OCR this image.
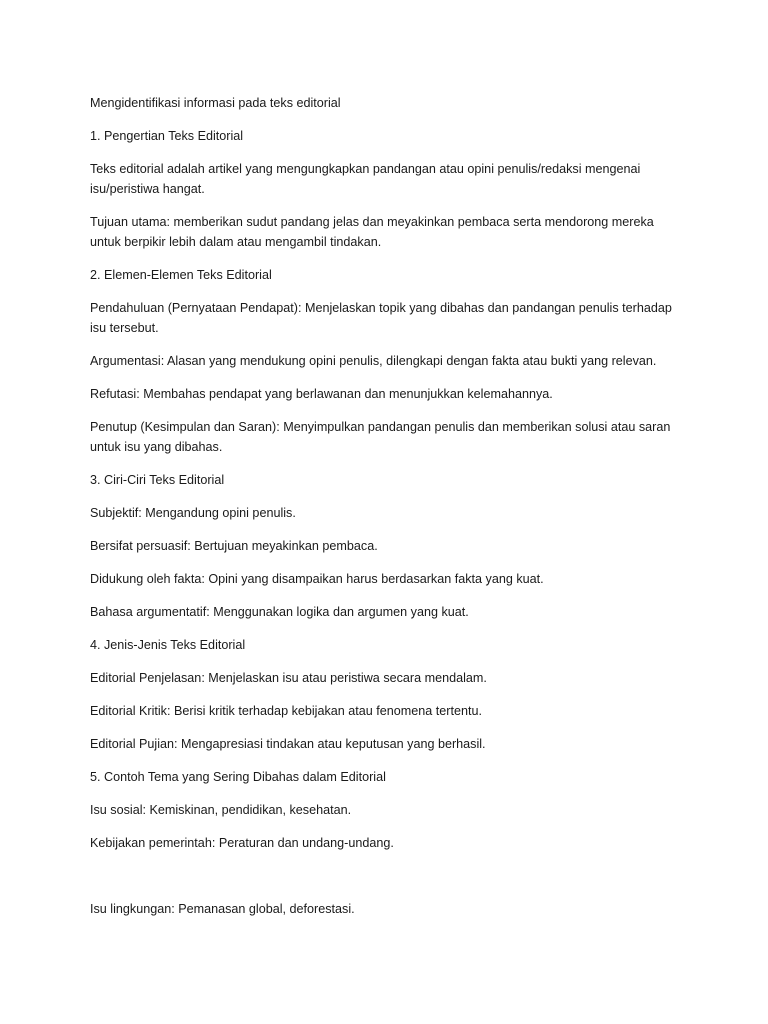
Mengidentifikasi informasi pada teks editorial

1. Pengertian Teks Editorial

Teks editorial adalah artikel yang mengungkapkan pandangan atau opini penulis/redaksi mengenai isu/peristiwa hangat.

Tujuan utama: memberikan sudut pandang jelas dan meyakinkan pembaca serta mendorong mereka untuk berpikir lebih dalam atau mengambil tindakan.

2. Elemen-Elemen Teks Editorial

Pendahuluan (Pernyataan Pendapat): Menjelaskan topik yang dibahas dan pandangan penulis terhadap isu tersebut.

Argumentasi: Alasan yang mendukung opini penulis, dilengkapi dengan fakta atau bukti yang relevan.

Refutasi: Membahas pendapat yang berlawanan dan menunjukkan kelemahannya.

Penutup (Kesimpulan dan Saran): Menyimpulkan pandangan penulis dan memberikan solusi atau saran untuk isu yang dibahas.

3. Ciri-Ciri Teks Editorial

Subjektif: Mengandung opini penulis.

Bersifat persuasif: Bertujuan meyakinkan pembaca.

Didukung oleh fakta: Opini yang disampaikan harus berdasarkan fakta yang kuat.

Bahasa argumentatif: Menggunakan logika dan argumen yang kuat.

4. Jenis-Jenis Teks Editorial

Editorial Penjelasan: Menjelaskan isu atau peristiwa secara mendalam.

Editorial Kritik: Berisi kritik terhadap kebijakan atau fenomena tertentu.

Editorial Pujian: Mengapresiasi tindakan atau keputusan yang berhasil.

5. Contoh Tema yang Sering Dibahas dalam Editorial

Isu sosial: Kemiskinan, pendidikan, kesehatan.

Kebijakan pemerintah: Peraturan dan undang-undang.

Isu lingkungan: Pemanasan global, deforestasi.
